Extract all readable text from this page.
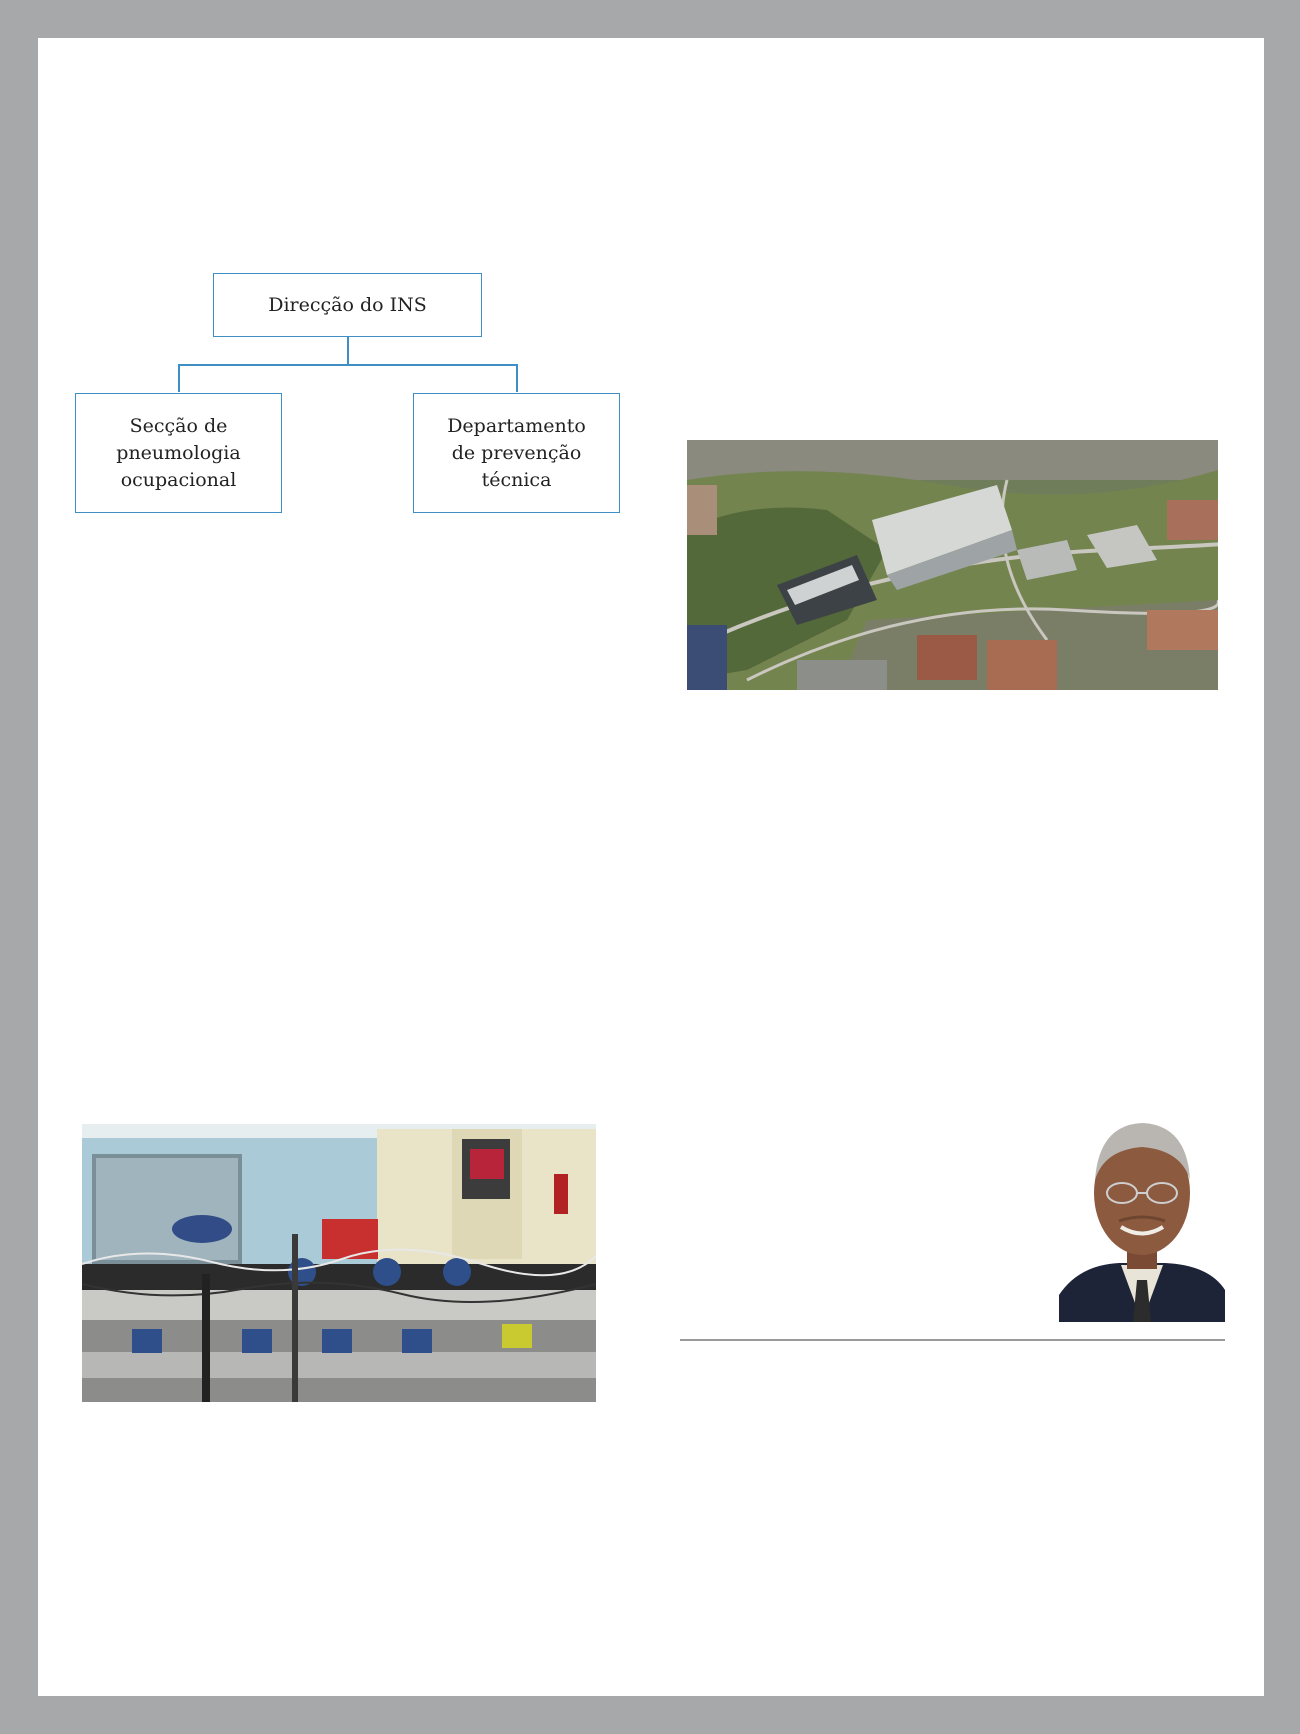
Direcção do INS
Secção de
pneumologia
ocupacional
Departamento
de prevenção
técnica
